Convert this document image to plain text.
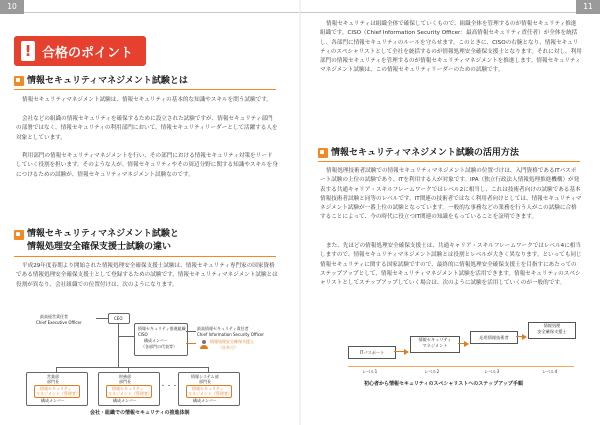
10
! 合格のポイント
情報セキュリティマネジメント試験とは

情報セキュリティマネジメント試験は、情報セキュリティの基本的な知識やスキルを問う試験です。

会社などの組織の情報セキュリティを確保するために設立された試験ですが、情報セキュリティ部門の部署ではなく、情報セキュリティの利用部門において、情報セキュリティリーダーとして活躍する人を対象としています。

利用部門の情報セキュリティマネジメントを行い、その部門における情報セキュリティ対策をリードしていく役割を担います。そのような人が、情報セキュリティやその周辺分野に関する知識やスキルを身につけるための試験が、情報セキュリティマネジメント試験なのです。

情報セキュリティマネジメント試験と
情報処理安全確保支援士試験の違い

平成29年度春期より開始された情報処理安全確保支援士試験は、情報セキュリティ専門家の国家資格である情報処理安全確保支援士として登録するための試験です。情報セキュリティマネジメント試験とは役割が異なり、会社組織での位置付けは、次のようになります。

最高経営責任者
Chief Executive Officer
CEO
情報セキュリティ推進組織
CISO
構成メンバー
（各部門の代表等）
最高情報セキュリティ責任者
Chief Information Security Officer
情報処理安全確保支援士
（社外可）
営業部
部門長
情報セキュリティ
マネジメント（管理者）
構成メンバー
財務部
部門長
情報セキュリティ
マネジメント（管理者）
構成メンバー
・・・
情報システム部
部門長
情報セキュリティ
マネジメント（管理者）
構成メンバー
会社・組織での情報セキュリティの推進体制
11

情報セキュリティは組織全体で確保していくもので、組織全体を管理するのが情報セキュリティ推進組織です。CISO（Chief Information Security Officer：最高情報セキュリティ責任者）が全体を統括し、各部門に情報セキュリティのルールを守らせます。このときに、CISOの右腕となり、情報セキュリティのスペシャリストとして全社を統括するのが情報処理安全確保支援士となります。それに対し、利用部門の情報セキュリティを管理するのが情報セキュリティマネジメントを推進します。情報セキュリティマネジメント試験は、この情報セキュリティリーダーのための試験です。

情報セキュリティマネジメント試験の活用方法

情報処理技術者試験での情報セキュリティマネジメント試験の位置づけは、入門資格であるITパスポート試験の上位の試験であり、ITを利用する人が対象です。IPA（独立行政法人情報処理推進機構）が発表する共通キャリア・スキルフレームワークではレベル2に相当し、これは技術者向けの試験である基本情報技術者試験と同等のレベルです。IT関連の技術者ではなく利用者向けとしては、情報セキュリティマネジメント試験が一番上位の試験となっています。一般的な事務などの業務を行う人がこの試験に合格することによって、今の時代に役立つIT関連の知識をもっていることを証明できます。

また、先ほどの情報処理安全確保支援士は、共通キャリア・スキルフレームワークではレベル4に相当しますので、情報セキュリティマネジメント試験とは役割とレベルが大きく異なります。といっても同じ情報セキュリティに関する国家試験ですので、最終的に情報処理安全確保支援士を目指すにあたってのステップアップとして、情報セキュリティマネジメント試験を活用できます。情報セキュリティのスペシャリストとしてステップアップしていく場合は、次のように試験を活用していくのが一般的です。

ITパスポート
情報セキュリティ
マネジメント
応用情報技術者
情報処理
安全確保支援士
レベル1	レベル2	レベル3	レベル4
初心者から情報セキュリティのスペシャリストへのステップアップ手順
